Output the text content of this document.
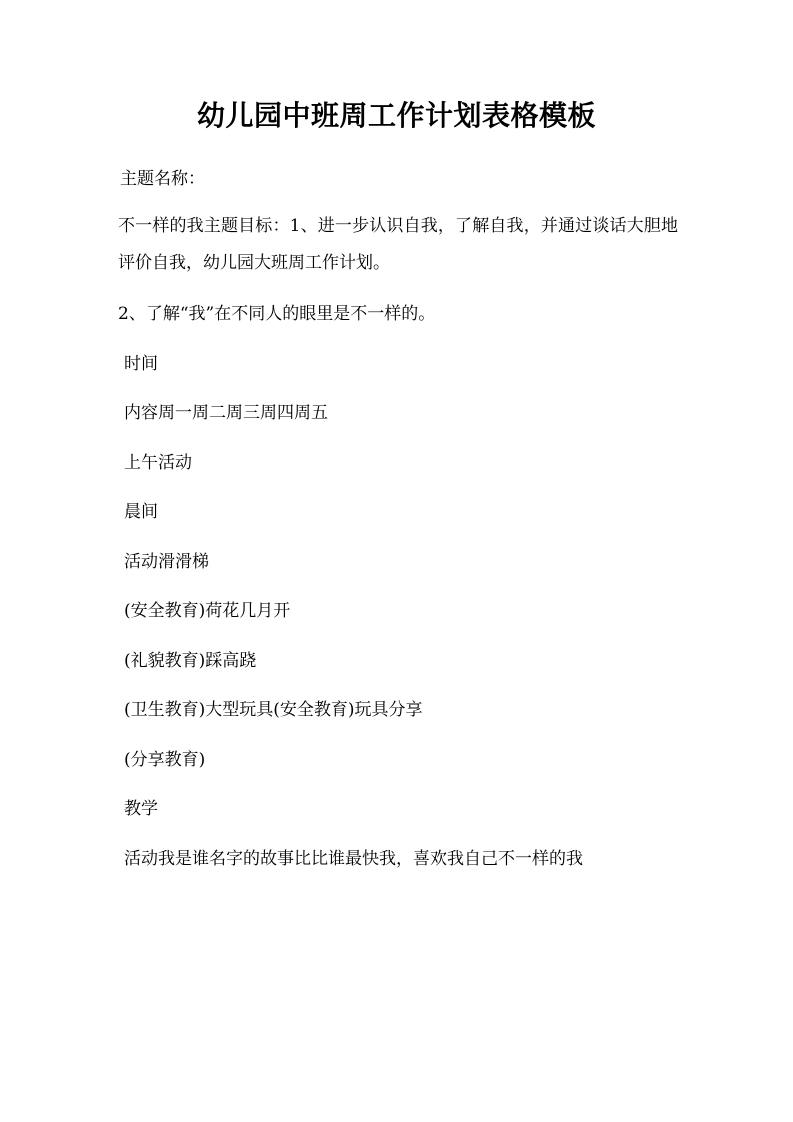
幼儿园中班周工作计划表格模板

主题名称：

不一样的我主题目标：1、进一步认识自我，了解自我，并通过谈话大胆地评价自我，幼儿园大班周工作计划。

2、了解“我”在不同人的眼里是不一样的。

时间

内容周一周二周三周四周五

上午活动

晨间

活动滑滑梯

(安全教育)荷花几月开

(礼貌教育)踩高跷

(卫生教育)大型玩具(安全教育)玩具分享

(分享教育)

教学

活动我是谁名字的故事比比谁最快我，喜欢我自己不一样的我
